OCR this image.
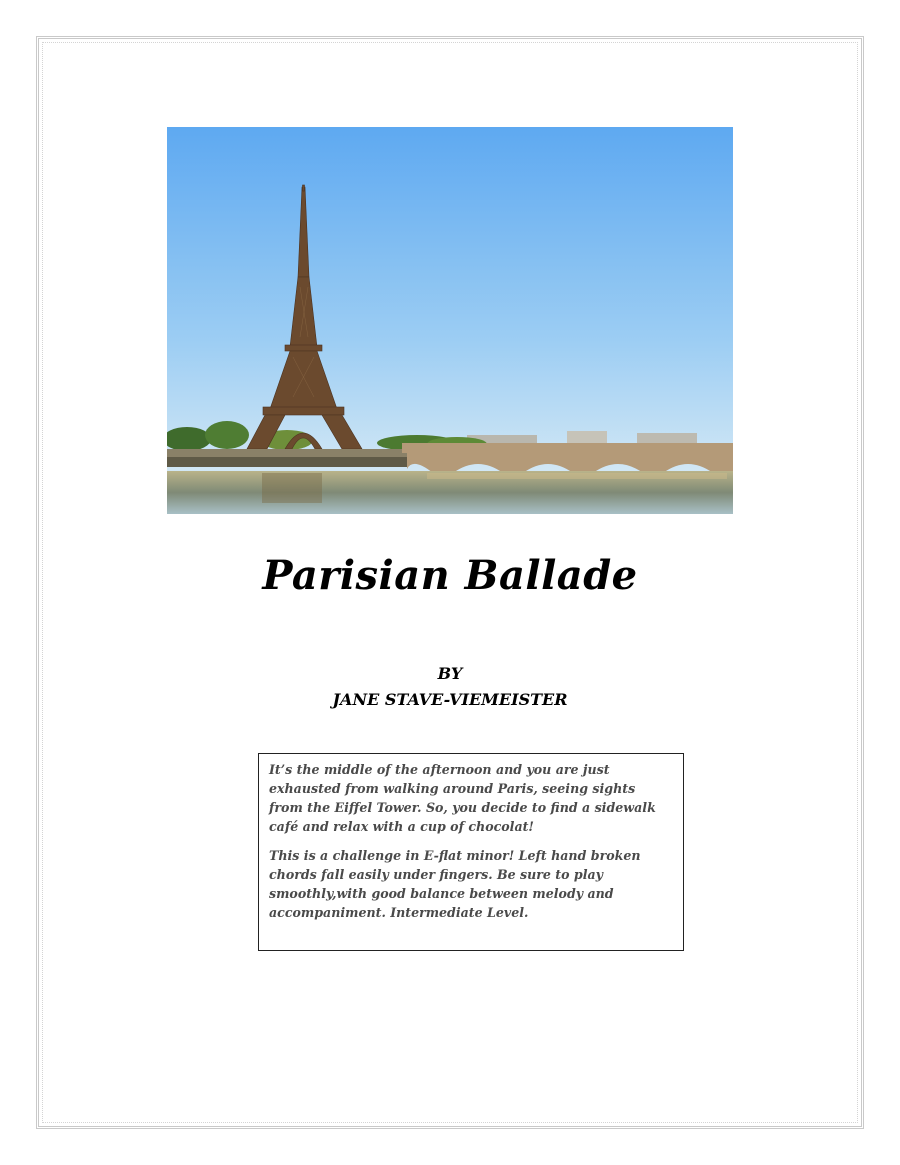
Parisian Ballade
BY
JANE STAVE-VIEMEISTER

It’s the middle of the afternoon and you are just exhausted from walking around Paris, seeing sights from the Eiffel Tower. So, you decide to find a sidewalk café and relax with a cup of chocolat!

This is a challenge in E-flat minor! Left hand broken chords fall easily under fingers. Be sure to play smoothly,with good balance between melody and accompaniment. Intermediate Level.
